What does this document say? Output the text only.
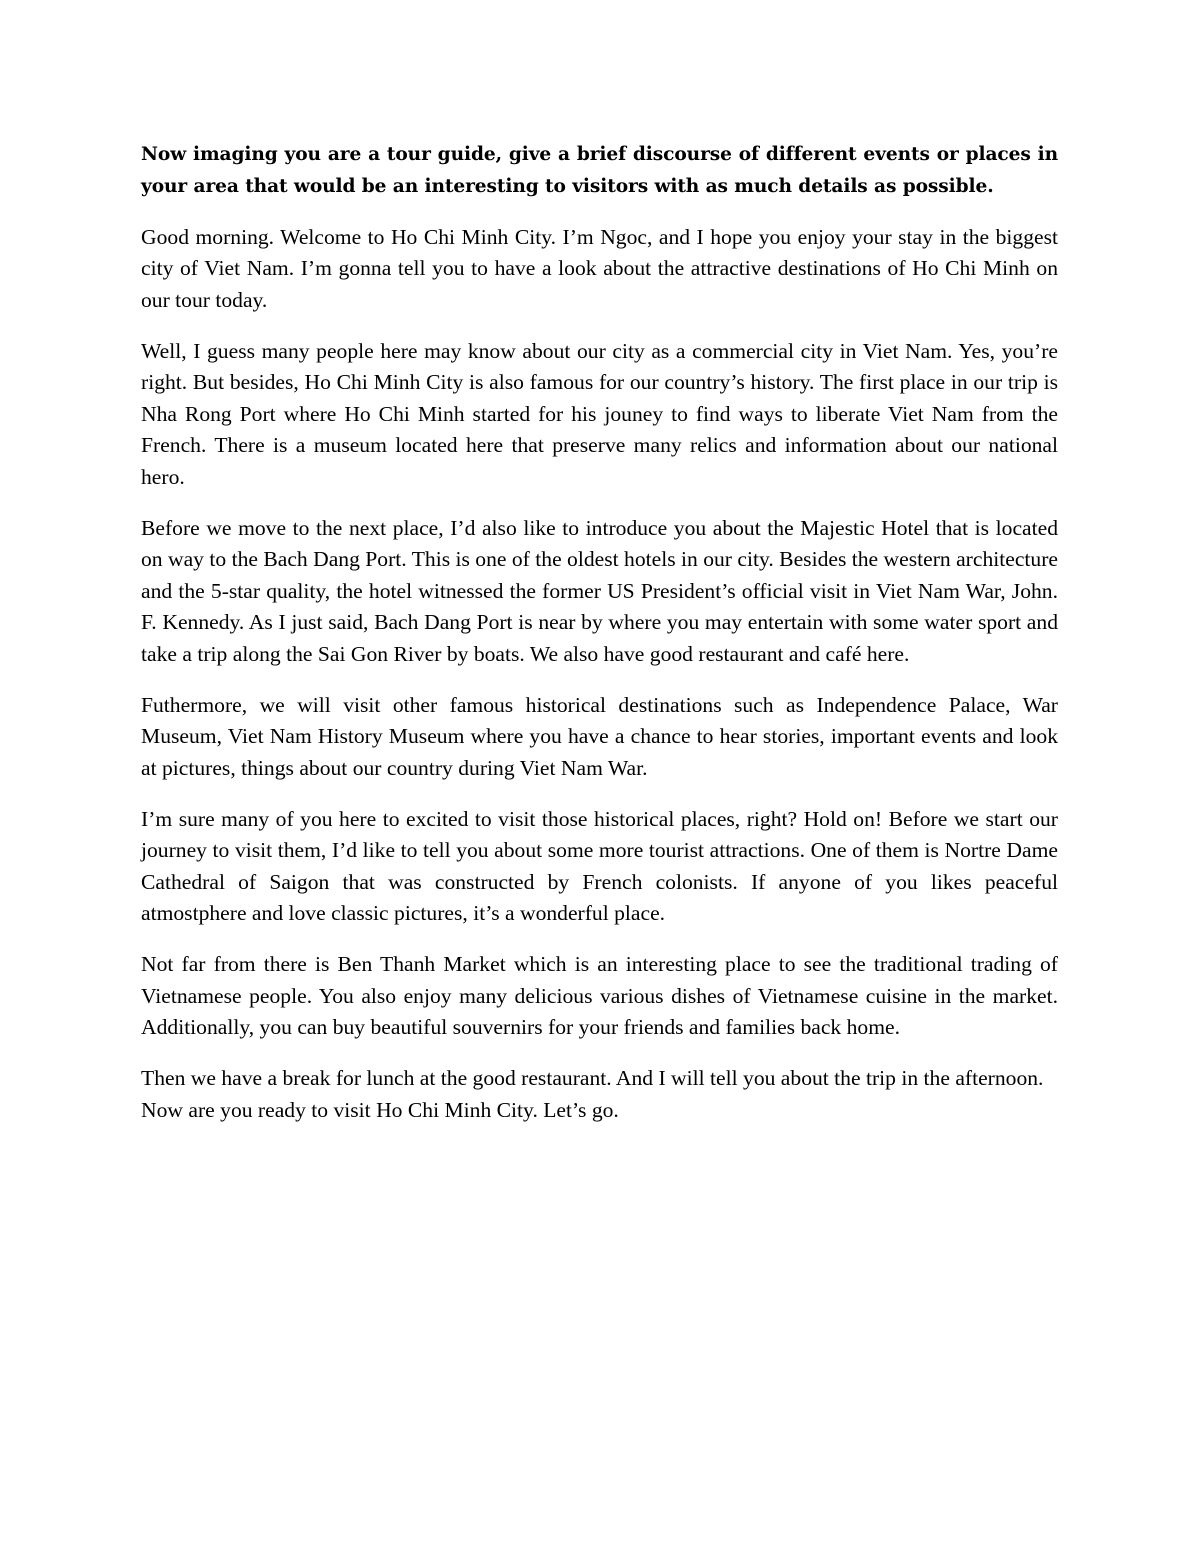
Now imaging you are a tour guide, give a brief discourse of different events or places in your area that would be an interesting to visitors with as much details as possible.

Good morning. Welcome to Ho Chi Minh City. I’m Ngoc, and I hope you enjoy your stay in the biggest city of Viet Nam. I’m gonna tell you to have a look about the attractive destinations of Ho Chi Minh on our tour today.

Well, I guess many people here may know about our city as a commercial city in Viet Nam. Yes, you’re right. But besides, Ho Chi Minh City is also famous for our country’s history. The first place in our trip is Nha Rong Port where Ho Chi Minh started for his jouney to find ways to liberate Viet Nam from the French. There is a museum located here that preserve many relics and information about our national hero.

Before we move to the next place, I’d also like to introduce you about the Majestic Hotel that is located on way to the Bach Dang Port. This is one of the oldest hotels in our city. Besides the western architecture and the 5-star quality, the hotel witnessed the former US President’s official visit in Viet Nam War, John. F. Kennedy. As I just said, Bach Dang Port is near by where you may entertain with some water sport and take a trip along the Sai Gon River by boats. We also have good restaurant and café here.

Futhermore, we will visit other famous historical destinations such as Independence Palace, War Museum, Viet Nam History Museum where you have a chance to hear stories, important events and look at pictures, things about our country during Viet Nam War.

I’m sure many of you here to excited to visit those historical places, right? Hold on! Before we start our journey to visit them, I’d like to tell you about some more tourist attractions. One of them is Nortre Dame Cathedral of Saigon that was constructed by French colonists. If anyone of you likes peaceful atmostphere and love classic pictures, it’s a wonderful place.

Not far from there is Ben Thanh Market which is an interesting place to see the traditional trading of Vietnamese people. You also enjoy many delicious various dishes of Vietnamese cuisine in the market. Additionally, you can buy beautiful souvernirs for your friends and families back home.

Then we have a break for lunch at the good restaurant. And I will tell you about the trip in the afternoon. Now are you ready to visit Ho Chi Minh City. Let’s go.
